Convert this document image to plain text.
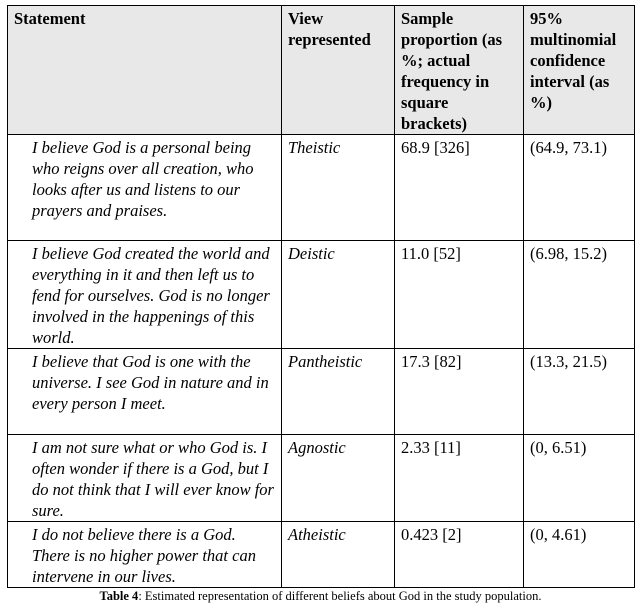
Statement	View represented	Sample proportion (as %; actual frequency in square brackets)	95% multinomial confidence interval (as %)
I believe God is a personal being who reigns over all creation, who looks after us and listens to our prayers and praises.	Theistic	68.9 [326]	(64.9, 73.1)
I believe God created the world and everything in it and then left us to fend for ourselves. God is no longer involved in the happenings of this world.	Deistic	11.0 [52]	(6.98, 15.2)
I believe that God is one with the universe. I see God in nature and in every person I meet.	Pantheistic	17.3 [82]	(13.3, 21.5)
I am not sure what or who God is. I often wonder if there is a God, but I do not think that I will ever know for sure.	Agnostic	2.33 [11]	(0, 6.51)
I do not believe there is a God. There is no higher power that can intervene in our lives.	Atheistic	0.423 [2]	(0, 4.61)
Table 4: Estimated representation of different beliefs about God in the study population.
